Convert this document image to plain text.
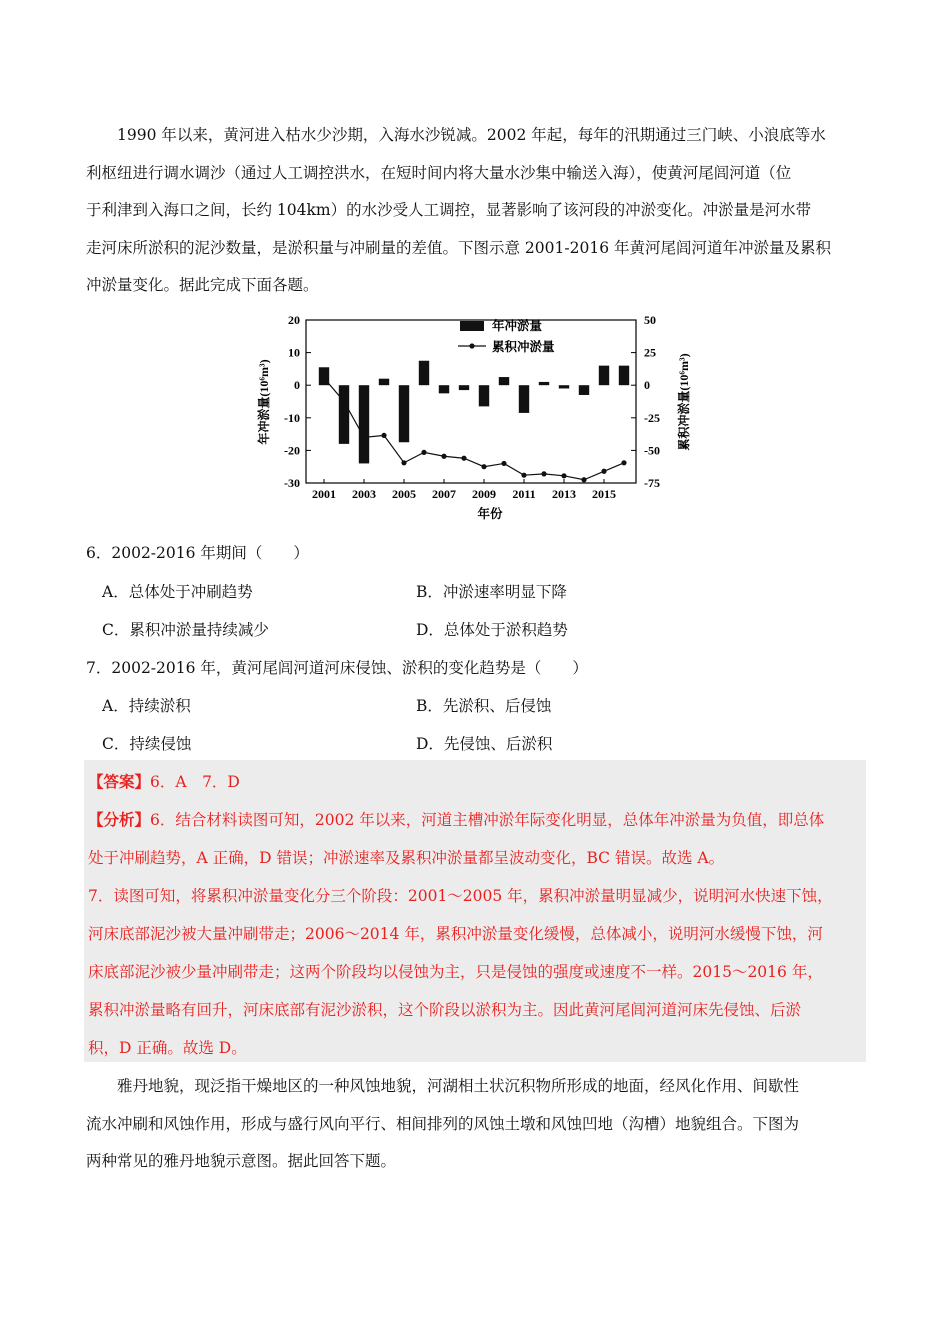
1990 年以来，黄河进入枯水少沙期，入海水沙锐减。2002 年起，每年的汛期通过三门峡、小浪底等水
利枢纽进行调水调沙（通过人工调控洪水，在短时间内将大量水沙集中输送入海），使黄河尾闾河道（位
于利津到入海口之间，长约 104km）的水沙受人工调控，显著影响了该河段的冲淤变化。冲淤量是河水带
走河床所淤积的泥沙数量，是淤积量与冲刷量的差值。下图示意 2001-2016 年黄河尾闾河道年冲淤量及累积
冲淤量变化。据此完成下面各题。
20
10
0
-10
-20
-30
50
25
0
-25
-50
-75
2001 2003 2005 2007 2009 2011 2013 2015
年冲淤量(10⁶m³)	累积冲淤量(10⁶m³)
年份
年冲淤量
累积冲淤量
6．2002-2016 年期间（　　）
A．总体处于冲刷趋势	B．冲淤速率明显下降
C．累积冲淤量持续减少	D．总体处于淤积趋势
7．2002-2016 年，黄河尾闾河道河床侵蚀、淤积的变化趋势是（　　）
A．持续淤积	B．先淤积、后侵蚀
C．持续侵蚀	D．先侵蚀、后淤积
【答案】6．A　7．D
【分析】6．结合材料读图可知，2002 年以来，河道主槽冲淤年际变化明显，总体年冲淤量为负值，即总体
处于冲刷趋势，A 正确，D 错误；冲淤速率及累积冲淤量都呈波动变化，BC 错误。故选 A。
7．读图可知，将累积冲淤量变化分三个阶段：2001～2005 年，累积冲淤量明显减少，说明河水快速下蚀，
河床底部泥沙被大量冲刷带走；2006～2014 年，累积冲淤量变化缓慢，总体减小，说明河水缓慢下蚀，河
床底部泥沙被少量冲刷带走；这两个阶段均以侵蚀为主，只是侵蚀的强度或速度不一样。2015～2016 年，
累积冲淤量略有回升，河床底部有泥沙淤积，这个阶段以淤积为主。因此黄河尾闾河道河床先侵蚀、后淤
积，D 正确。故选 D。
雅丹地貌，现泛指干燥地区的一种风蚀地貌，河湖相土状沉积物所形成的地面，经风化作用、间歇性
流水冲刷和风蚀作用，形成与盛行风向平行、相间排列的风蚀土墩和风蚀凹地（沟槽）地貌组合。下图为
两种常见的雅丹地貌示意图。据此回答下题。
